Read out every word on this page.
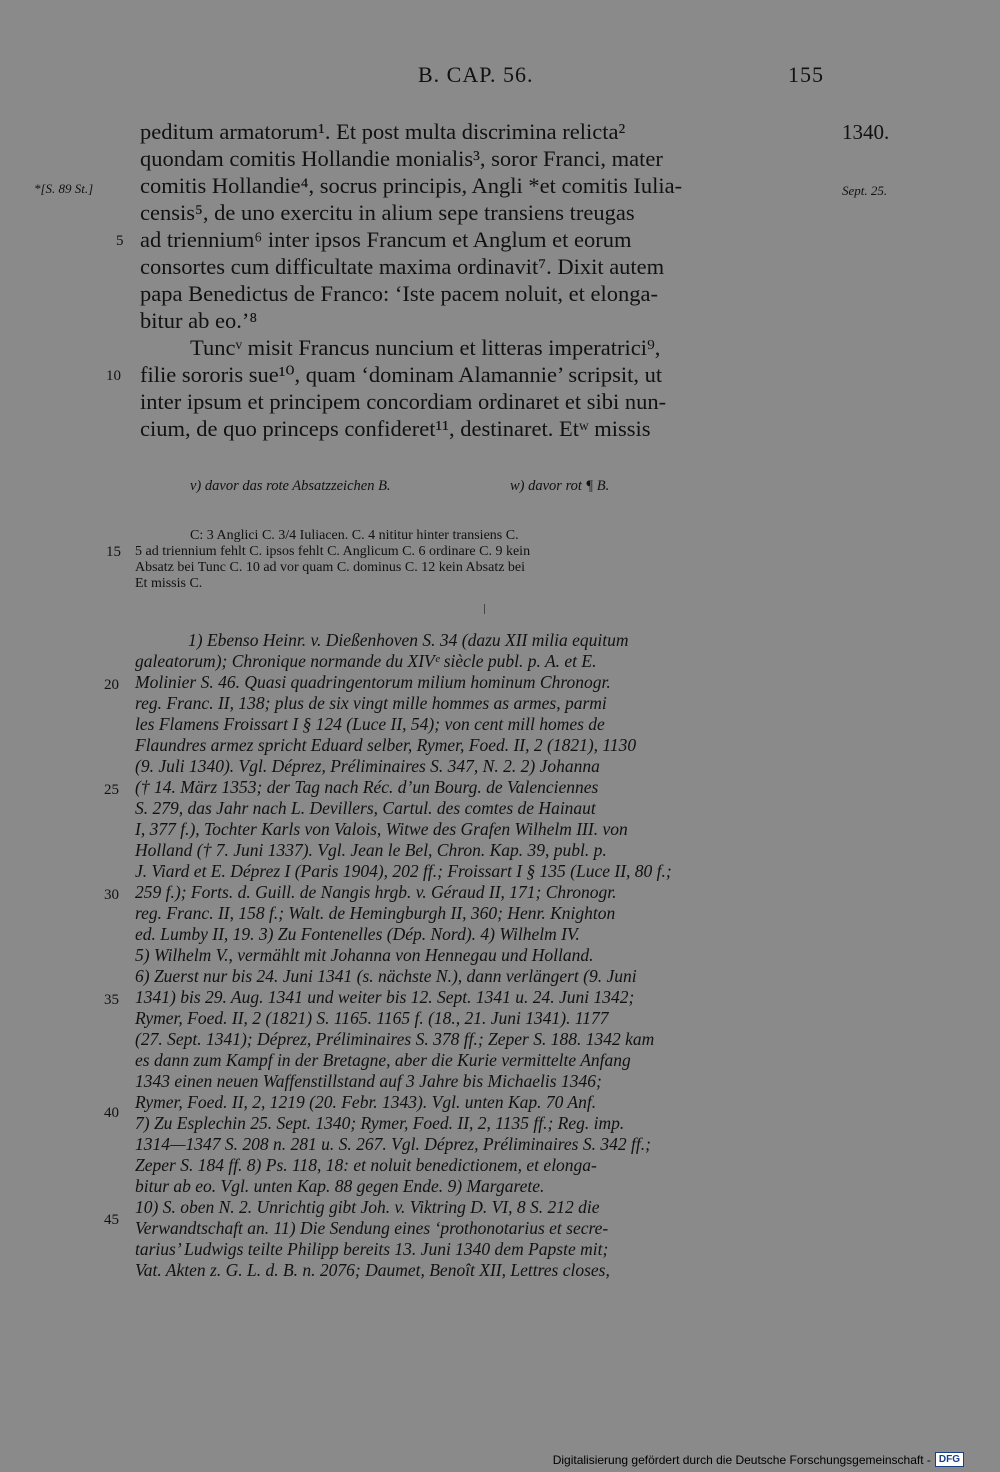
B. CAP. 56.	155
1340.
Sept. 25.
*[S. 89 St.]
peditum armatorum¹. Et post multa discrimina relicta²
quondam comitis Hollandie monialis³, soror Franci, mater
comitis Hollandie⁴, socrus principis, Angli *et comitis Iulia-
censis⁵, de uno exercitu in alium sepe transiens treugas
ad triennium⁶ inter ipsos Francum et Anglum et eorum
consortes cum difficultate maxima ordinavit⁷. Dixit autem
papa Benedictus de Franco: ‘Iste pacem noluit, et elonga-
bitur ab eo.’⁸
Tuncᵛ misit Francus nuncium et litteras imperatrici⁹,
filie sororis sue¹⁰, quam ‘dominam Alamannie’ scripsit, ut
inter ipsum et principem concordiam ordinaret et sibi nun-
cium, de quo princeps confideret¹¹, destinaret. Etʷ missis
5
10
15
20
25
30
35
40
45
v) davor das rote Absatzzeichen B.	w) davor rot ¶ B.
C: 3 Anglici C. 3/4 Iuliacen. C. 4 nititur hinter transiens C.
5 ad triennium fehlt C. ipsos fehlt C. Anglicum C. 6 ordinare C. 9 kein
Absatz bei Tunc C. 10 ad vor quam C. dominus C. 12 kein Absatz bei
Et missis C.
1) Ebenso Heinr. v. Dießenhoven S. 34 (dazu XII milia equitum
galeatorum); Chronique normande du XIVᵉ siècle publ. p. A. et E.
Molinier S. 46. Quasi quadringentorum milium hominum Chronogr.
reg. Franc. II, 138; plus de six vingt mille hommes as armes, parmi
les Flamens Froissart I § 124 (Luce II, 54); von cent mill homes de
Flaundres armez spricht Eduard selber, Rymer, Foed. II, 2 (1821), 1130
(9. Juli 1340). Vgl. Déprez, Préliminaires S. 347, N. 2. 2) Johanna
(† 14. März 1353; der Tag nach Réc. d’un Bourg. de Valenciennes
S. 279, das Jahr nach L. Devillers, Cartul. des comtes de Hainaut
I, 377 f.), Tochter Karls von Valois, Witwe des Grafen Wilhelm III. von
Holland († 7. Juni 1337). Vgl. Jean le Bel, Chron. Kap. 39, publ. p.
J. Viard et E. Déprez I (Paris 1904), 202 ff.; Froissart I § 135 (Luce II, 80 f.;
259 f.); Forts. d. Guill. de Nangis hrgb. v. Géraud II, 171; Chronogr.
reg. Franc. II, 158 f.; Walt. de Hemingburgh II, 360; Henr. Knighton
ed. Lumby II, 19. 3) Zu Fontenelles (Dép. Nord). 4) Wilhelm IV.
5) Wilhelm V., vermählt mit Johanna von Hennegau und Holland.
6) Zuerst nur bis 24. Juni 1341 (s. nächste N.), dann verlängert (9. Juni
1341) bis 29. Aug. 1341 und weiter bis 12. Sept. 1341 u. 24. Juni 1342;
Rymer, Foed. II, 2 (1821) S. 1165. 1165 f. (18., 21. Juni 1341). 1177
(27. Sept. 1341); Déprez, Préliminaires S. 378 ff.; Zeper S. 188. 1342 kam
es dann zum Kampf in der Bretagne, aber die Kurie vermittelte Anfang
1343 einen neuen Waffenstillstand auf 3 Jahre bis Michaelis 1346;
Rymer, Foed. II, 2, 1219 (20. Febr. 1343). Vgl. unten Kap. 70 Anf.
7) Zu Esplechin 25. Sept. 1340; Rymer, Foed. II, 2, 1135 ff.; Reg. imp.
1314—1347 S. 208 n. 281 u. S. 267. Vgl. Déprez, Préliminaires S. 342 ff.;
Zeper S. 184 ff. 8) Ps. 118, 18: et noluit benedictionem, et elonga-
bitur ab eo. Vgl. unten Kap. 88 gegen Ende. 9) Margarete.
10) S. oben N. 2. Unrichtig gibt Joh. v. Viktring D. VI, 8 S. 212 die
Verwandtschaft an. 11) Die Sendung eines ‘prothonotarius et secre-
tarius’ Ludwigs teilte Philipp bereits 13. Juni 1340 dem Papste mit;
Vat. Akten z. G. L. d. B. n. 2076; Daumet, Benoît XII, Lettres closes,
Digitalisierung gefördert durch die Deutsche Forschungsgemeinschaft - DFG
